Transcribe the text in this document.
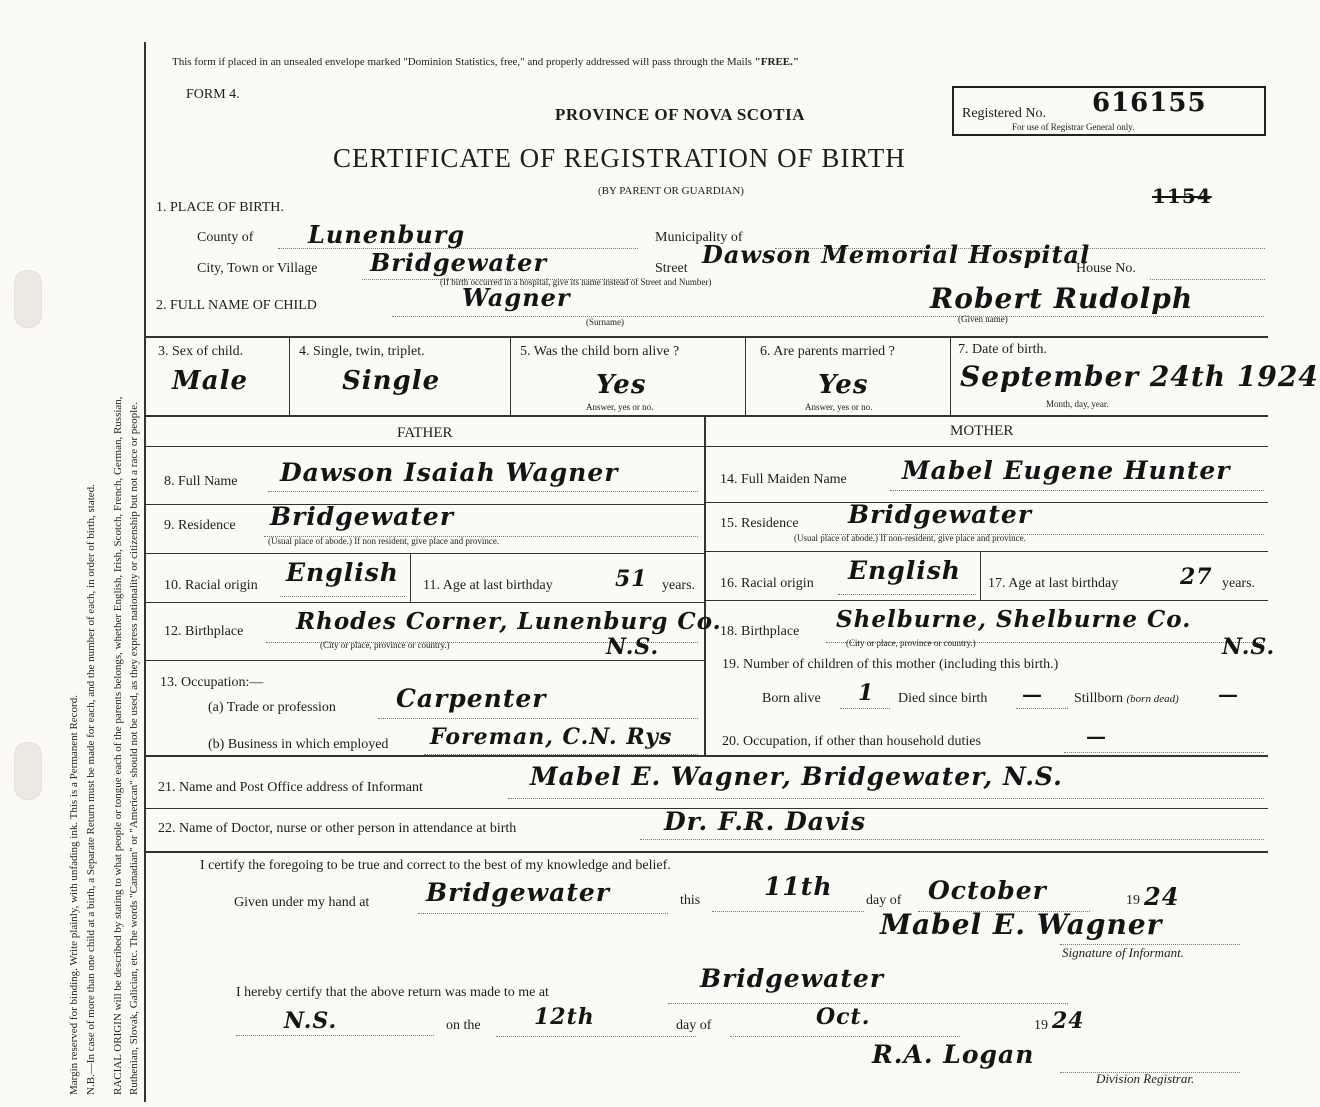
Margin reserved for binding. Write plainly, with unfading ink. This is a Permanent Record. N.B.—In case of more than one child at a birth, a Separate Return must be made for each, and the number of each, in order of birth, stated. RACIAL ORIGIN will be described by stating to what people or tongue each of the parents belongs, whether English, Irish, Scotch, French, German, Russian, Ruthenian, Slovak, Galician, etc. The words "Canadian" or "American" should not be used, as they express nationality or citizenship but not a race or people.
This form if placed in an unsealed envelope marked "Dominion Statistics, free," and properly addressed will pass through the Mails "FREE."
FORM 4.
PROVINCE OF NOVA SCOTIA
CERTIFICATE OF REGISTRATION OF BIRTH
(BY PARENT OR GUARDIAN)
Registered No. 616155
For use of Registrar General only.
1154
1. PLACE OF BIRTH.
County of Lunenburg	Municipality of
City, Town or Village Bridgewater	Street Dawson Memorial Hospital
House No.
(If birth occurred in a hospital, give its name instead of Street and Number)
2. FULL NAME OF CHILD	Wagner
(Surname)
Robert Rudolph
(Given name)
3. Sex of child.
Male
4. Single, twin, triplet.
Single
5. Was the child born alive ?
Yes
Answer, yes or no.
6. Are parents married ?
Yes
Answer, yes or no.
7. Date of birth.
September 24th 1924
Month, day, year.
FATHER	MOTHER
8. Full Name Dawson Isaiah Wagner
9. Residence Bridgewater
(Usual place of abode.) If non resident, give place and province.
10. Racial origin English 11. Age at last birthday	51 years.
12. Birthplace Rhodes Corner, Lunenburg Co.
N.S.
(City or place, province or country.)
13. Occupation:—
(a) Trade or profession Carpenter
(b) Business in which employed Foreman, C.N. Rys
14. Full Maiden Name Mabel Eugene Hunter
15. Residence Bridgewater
(Usual place of abode.) If non-resident, give place and province.
16. Racial origin English 17. Age at last birthday	27 years.
18. Birthplace Shelburne, Shelburne Co.
N.S.
(City or place, province or country.)
19. Number of children of this mother (including this birth.)
Born alive 1 Died since birth — Stillborn (born dead) —
20. Occupation, if other than household duties	—
21. Name and Post Office address of Informant	Mabel E. Wagner, Bridgewater, N.S.
22. Name of Doctor, nurse or other person in attendance at birth	Dr. F.R. Davis
I certify the foregoing to be true and correct to the best of my knowledge and belief.
Given under my hand at Bridgewater	this	11th day of October	19 24
Mabel E. Wagner
Signature of Informant.
I hereby certify that the above return was made to me at	Bridgewater
N.S.	on the 12th	day of	Oct.	19 24
R.A. Logan
Division Registrar.
